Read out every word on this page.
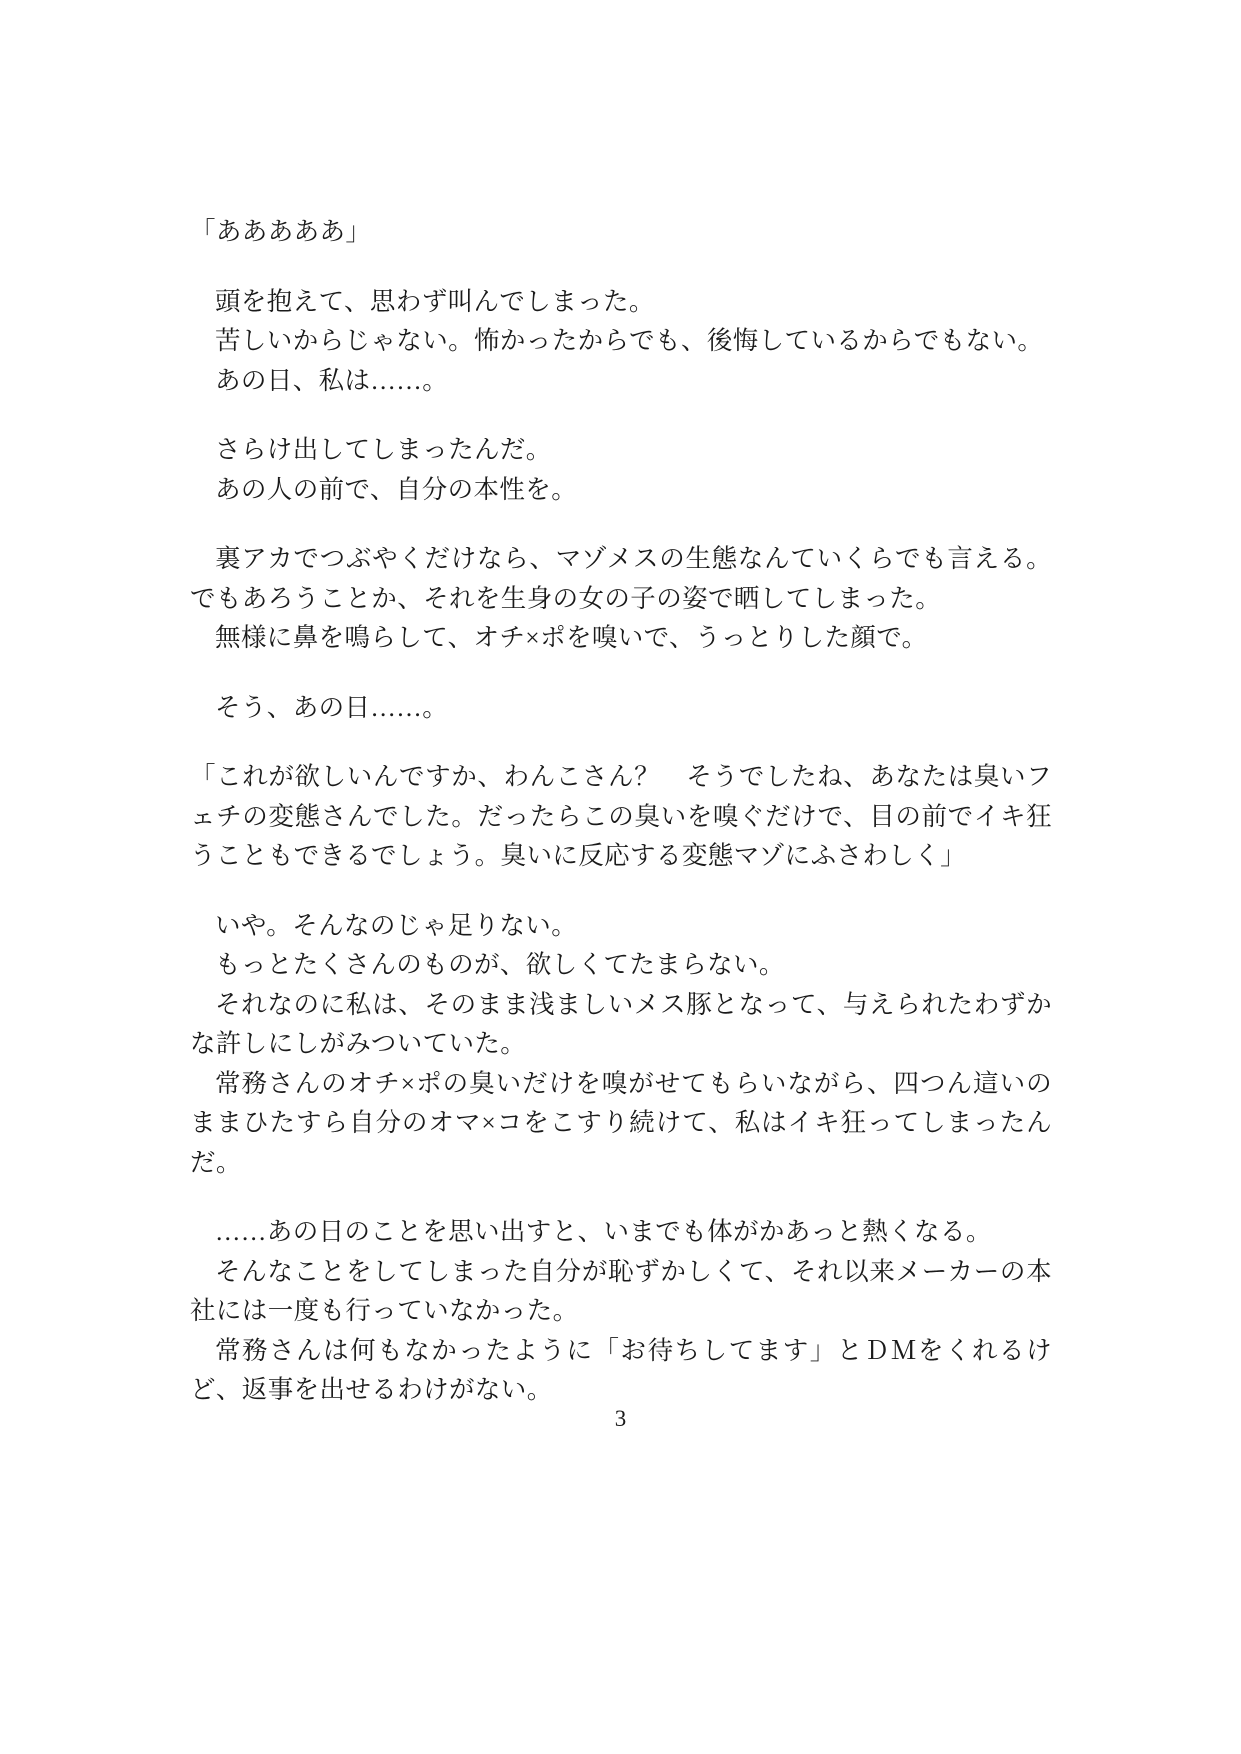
「あああああ」

頭を抱えて、思わず叫んでしまった。

苦しいからじゃない。怖かったからでも、後悔しているからでもない。

あの日、私は……。

さらけ出してしまったんだ。

あの人の前で、自分の本性を。

裏アカでつぶやくだけなら、マゾメスの生態なんていくらでも言える。でもあろうことか、それを生身の女の子の姿で晒してしまった。

無様に鼻を鳴らして、オチ×ポを嗅いで、うっとりした顔で。

そう、あの日……。

「これが欲しいんですか、わんこさん？　そうでしたね、あなたは臭いフェチの変態さんでした。だったらこの臭いを嗅ぐだけで、目の前でイキ狂うこともできるでしょう。臭いに反応する変態マゾにふさわしく」

いや。そんなのじゃ足りない。

もっとたくさんのものが、欲しくてたまらない。

それなのに私は、そのまま浅ましいメス豚となって、与えられたわずかな許しにしがみついていた。

常務さんのオチ×ポの臭いだけを嗅がせてもらいながら、四つん這いのままひたすら自分のオマ×コをこすり続けて、私はイキ狂ってしまったんだ。

……あの日のことを思い出すと、いまでも体がかあっと熱くなる。

そんなことをしてしまった自分が恥ずかしくて、それ以来メーカーの本社には一度も行っていなかった。

常務さんは何もなかったように「お待ちしてます」とＤＭをくれるけど、返事を出せるわけがない。

3
